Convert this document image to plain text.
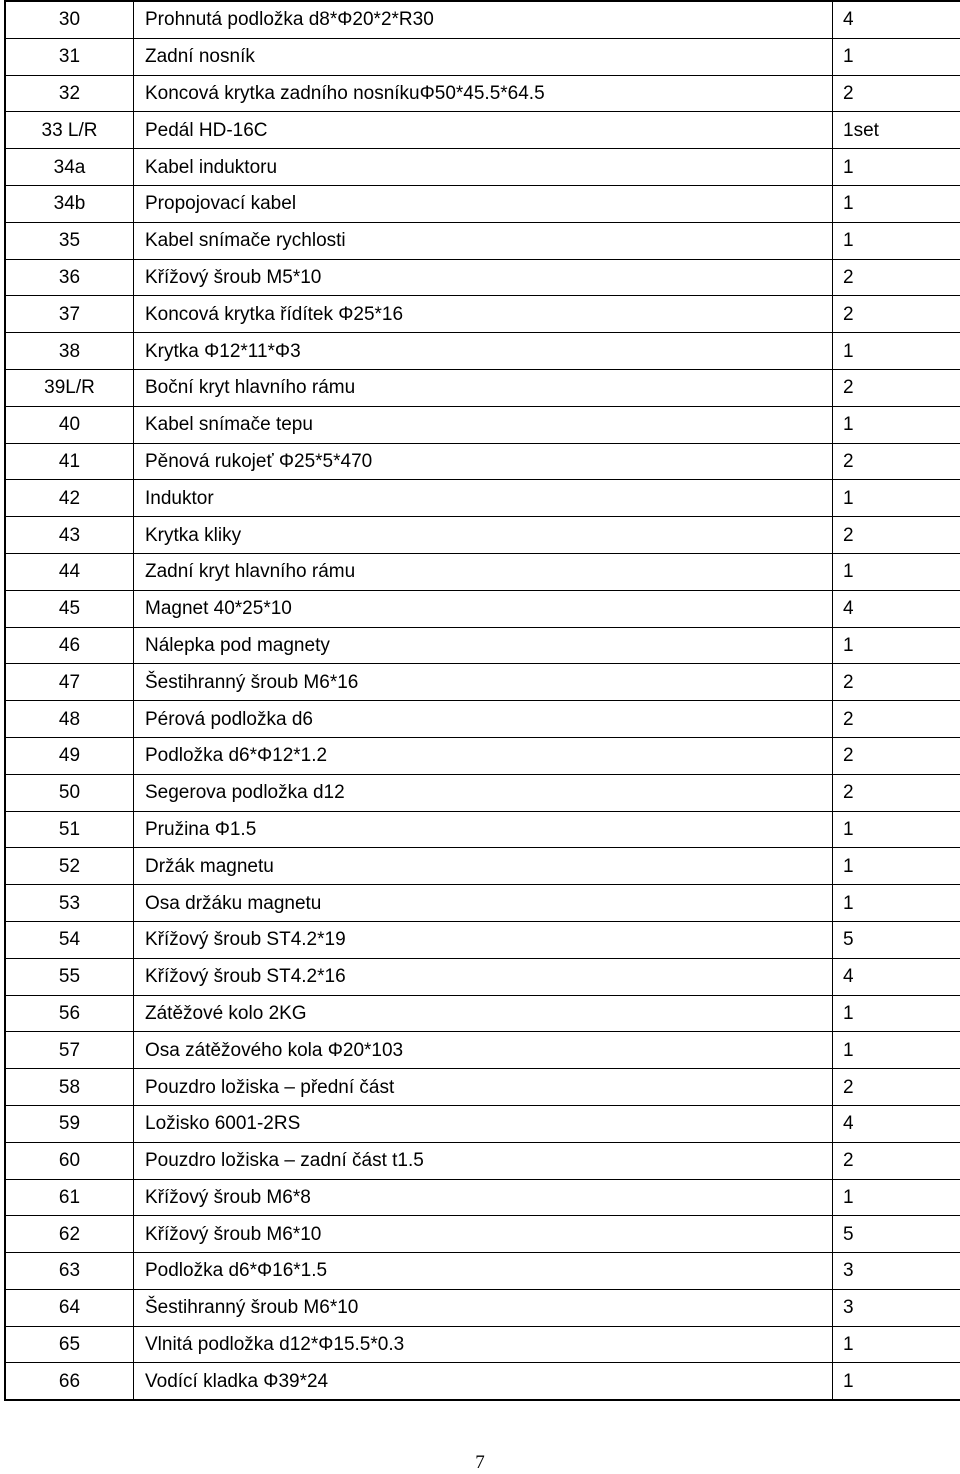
30	Prohnutá podložka d8*Φ20*2*R30	4
31	Zadní nosník	1
32	Koncová krytka zadního nosníkuΦ50*45.5*64.5	2
33 L/R	Pedál HD-16C	1set
34a	Kabel induktoru	1
34b	Propojovací kabel	1
35	Kabel snímače rychlosti	1
36	Křížový šroub M5*10	2
37	Koncová krytka řídítek Φ25*16	2
38	Krytka Φ12*11*Φ3	1
39L/R	Boční kryt hlavního rámu	2
40	Kabel snímače tepu	1
41	Pěnová rukojeť Φ25*5*470	2
42	Induktor	1
43	Krytka kliky	2
44	Zadní kryt hlavního rámu	1
45	Magnet 40*25*10	4
46	Nálepka pod magnety	1
47	Šestihranný šroub M6*16	2
48	Pérová podložka d6	2
49	Podložka d6*Φ12*1.2	2
50	Segerova podložka d12	2
51	Pružina Φ1.5	1
52	Držák magnetu	1
53	Osa držáku magnetu	1
54	Křížový šroub ST4.2*19	5
55	Křížový šroub ST4.2*16	4
56	Zátěžové kolo 2KG	1
57	Osa zátěžového kola Φ20*103	1
58	Pouzdro ložiska – přední část	2
59	Ložisko 6001-2RS	4
60	Pouzdro ložiska – zadní část t1.5	2
61	Křížový šroub M6*8	1
62	Křížový šroub M6*10	5
63	Podložka d6*Φ16*1.5	3
64	Šestihranný šroub M6*10	3
65	Vlnitá podložka d12*Φ15.5*0.3	1
66	Vodící kladka Φ39*24	1
7
